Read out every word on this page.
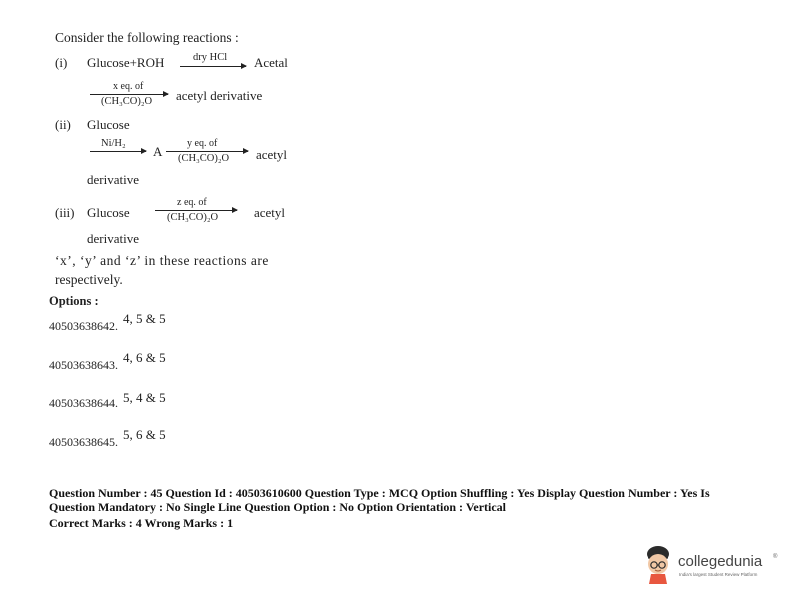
Consider the following reactions :
(i) Glucose+ROH	dry HCl Acetal
x eq. of
(CH₃CO)₂O acetyl derivative
(ii) Glucose
Ni/H₂
→ A
y eq. of
(CH₃CO)₂O acetyl
derivative
(iii) Glucose
z eq. of
(CH₃CO)₂O	acetyl
derivative
‘x’, ‘y’ and ‘z’ in these reactions are
respectively.
Options :
4, 5 & 5
40503638642.
4, 6 & 5
40503638643.
5, 4 & 5
40503638644.
5, 6 & 5
40503638645.
Question Number : 45 Question Id : 40503610600 Question Type : MCQ Option Shuffling : Yes Display Question Number : Yes Is
Question Mandatory : No Single Line Question Option : No Option Orientation : Vertical
Correct Marks : 4 Wrong Marks : 1
collegedunia ®
India's largest Student Review Platform
